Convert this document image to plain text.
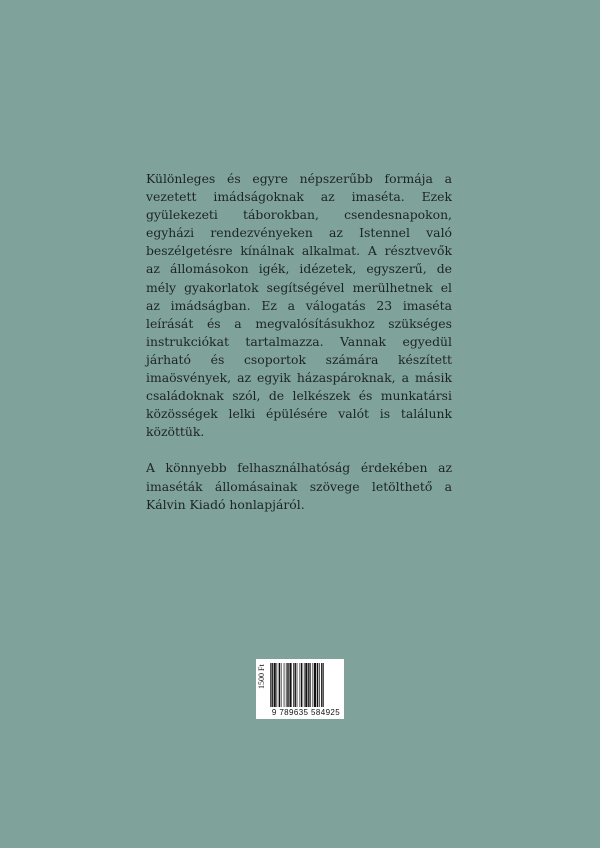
Különleges és egyre népszerűbb formája a vezetett imádságoknak az imaséta. Ezek gyülekezeti táborokban, csendesnapokon, egyházi rendezvényeken az Istennel való beszélgetésre kínálnak alkalmat. A résztvevők az állomásokon igék, idézetek, egyszerű, de mély gyakorlatok segítségével merülhetnek el az imádságban. Ez a válogatás 23 imaséta leírását és a megvalósításukhoz szükséges instrukciókat tartalmazza. Vannak egyedül járható és csoportok számára készített imaösvények, az egyik házaspároknak, a másik családoknak szól, de lelkészek és munkatársi közösségek lelki épülésére valót is találunk közöttük.

A könnyebb felhasználhatóság érdekében az imaséták állomásainak szövege letölthető a Kálvin Kiadó honlapjáról.

1500 Ft
9 789635 584925
